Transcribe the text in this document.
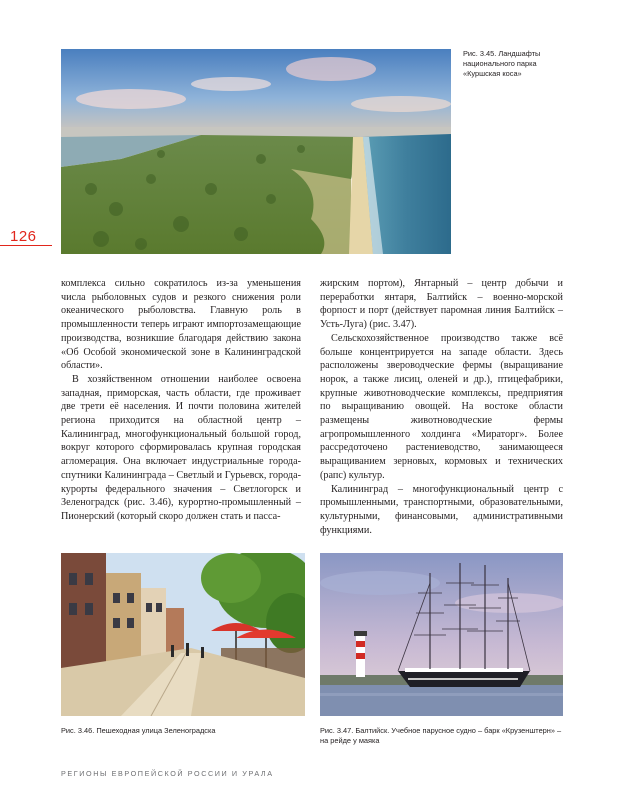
126
Рис. 3.45. Ландшафты национального парка «Куршская коса»

комплекса сильно сократилось из-за уменьшения числа рыболовных судов и резкого снижения роли океанического рыболовства. Главную роль в промышленности теперь играют импортозамещающие производства, возникшие благодаря действию закона «Об Особой экономической зоне в Калининградской области».

В хозяйственном отношении наиболее освоена западная, приморская, часть области, где проживает две трети её населения. И почти половина жителей региона приходится на областной центр – Калининград, многофункциональный большой город, вокруг которого сформировалась крупная городская агломерация. Она включает индустриальные города-спутники Калининграда – Светлый и Гурьевск, города-курорты федерального значения – Светлогорск и Зеленоградск (рис. 3.46), курортно-промышленный – Пионерский (который скоро должен стать и пасса-

жирским портом), Янтарный – центр добычи и переработки янтаря, Балтийск – военно-морской форпост и порт (действует паромная линия Балтийск – Усть-Луга) (рис. 3.47).

Сельскохозяйственное производство также всё больше концентрируется на западе области. Здесь расположены звероводческие фермы (выращивание норок, а также лисиц, оленей и др.), птицефабрики, крупные животноводческие комплексы, предприятия по выращиванию овощей. На востоке области размещены животноводческие фермы агропромышленного холдинга «Мираторг». Более рассредоточено растениеводство, занимающееся выращиванием зерновых, кормовых и технических (рапс) культур.

Калининград – многофункциональный центр с промышленными, транспортными, образовательными, культурными, финансовыми, административными функциями.

Рис. 3.46. Пешеходная улица Зеленоградска	Рис. 3.47. Балтийск. Учебное парусное судно – барк «Крузенштерн» – на рейде у маяка
РЕГИОНЫ ЕВРОПЕЙСКОЙ РОССИИ И УРАЛА
